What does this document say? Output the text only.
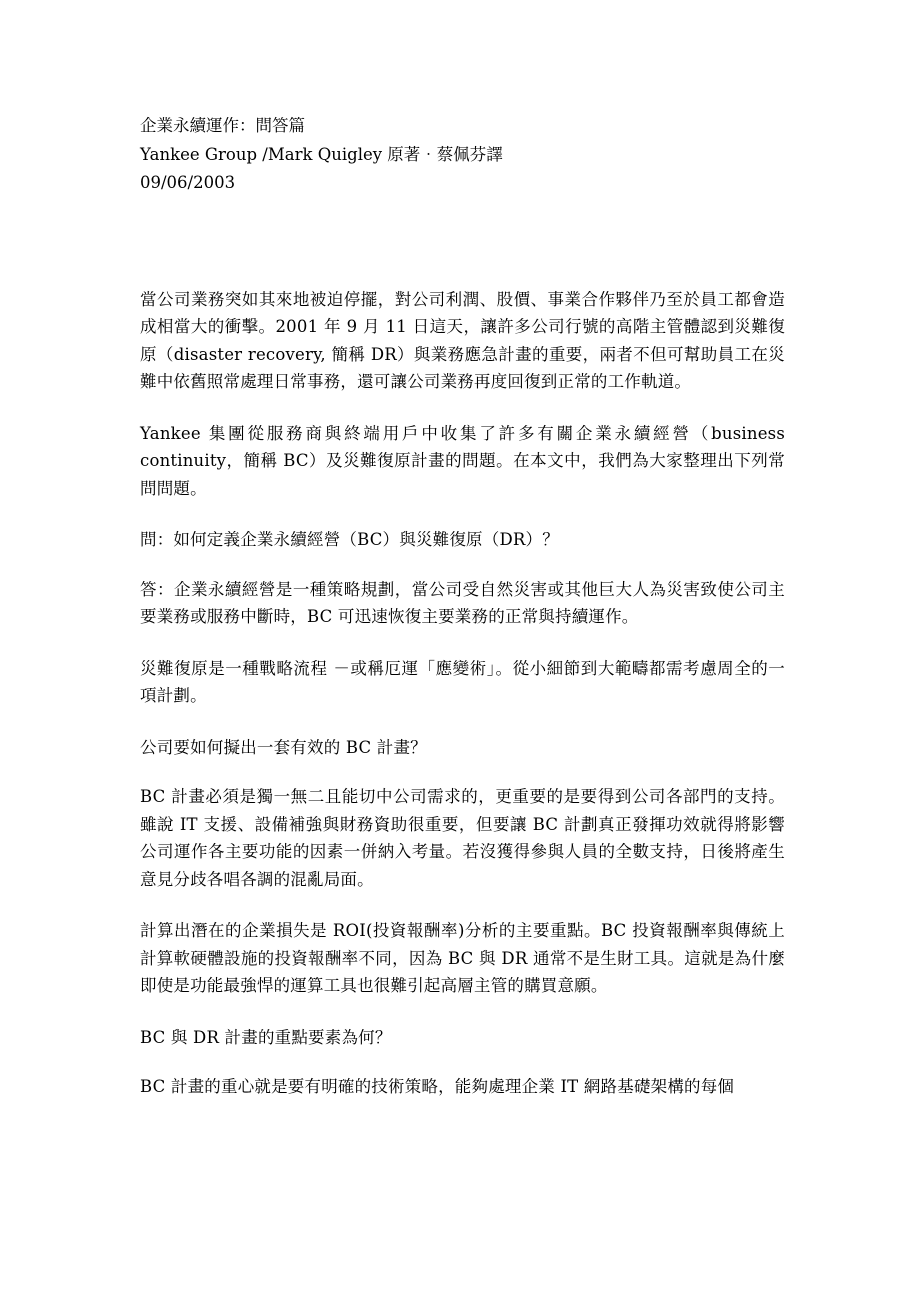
企業永續運作：問答篇

Yankee Group /Mark Quigley 原著‧蔡佩芬譯

09/06/2003

當公司業務突如其來地被迫停擺，對公司利潤、股價、事業合作夥伴乃至於員工都會造成相當大的衝擊。2001 年 9 月 11 日這天，讓許多公司行號的高階主管體認到災難復原（disaster recovery, 簡稱 DR）與業務應急計畫的重要，兩者不但可幫助員工在災難中依舊照常處理日常事務，還可讓公司業務再度回復到正常的工作軌道。

Yankee 集團從服務商與終端用戶中收集了許多有關企業永續經營（business continuity，簡稱 BC）及災難復原計畫的問題。在本文中，我們為大家整理出下列常問問題。

問：如何定義企業永續經營（BC）與災難復原（DR）？

答：企業永續經營是一種策略規劃，當公司受自然災害或其他巨大人為災害致使公司主要業務或服務中斷時，BC 可迅速恢復主要業務的正常與持續運作。

災難復原是一種戰略流程 －或稱厄運「應變術」。從小細節到大範疇都需考慮周全的一項計劃。

公司要如何擬出一套有效的 BC 計畫？

BC 計畫必須是獨一無二且能切中公司需求的，更重要的是要得到公司各部門的支持。雖說 IT 支援、設備補強與財務資助很重要，但要讓 BC 計劃真正發揮功效就得將影響公司運作各主要功能的因素一併納入考量。若沒獲得參與人員的全數支持，日後將產生意見分歧各唱各調的混亂局面。

計算出潛在的企業損失是 ROI(投資報酬率)分析的主要重點。BC 投資報酬率與傳統上計算軟硬體設施的投資報酬率不同，因為 BC 與 DR 通常不是生財工具。這就是為什麼即使是功能最強悍的運算工具也很難引起高層主管的購買意願。

BC 與 DR 計畫的重點要素為何？

BC 計畫的重心就是要有明確的技術策略，能夠處理企業 IT 網路基礎架構的每個
